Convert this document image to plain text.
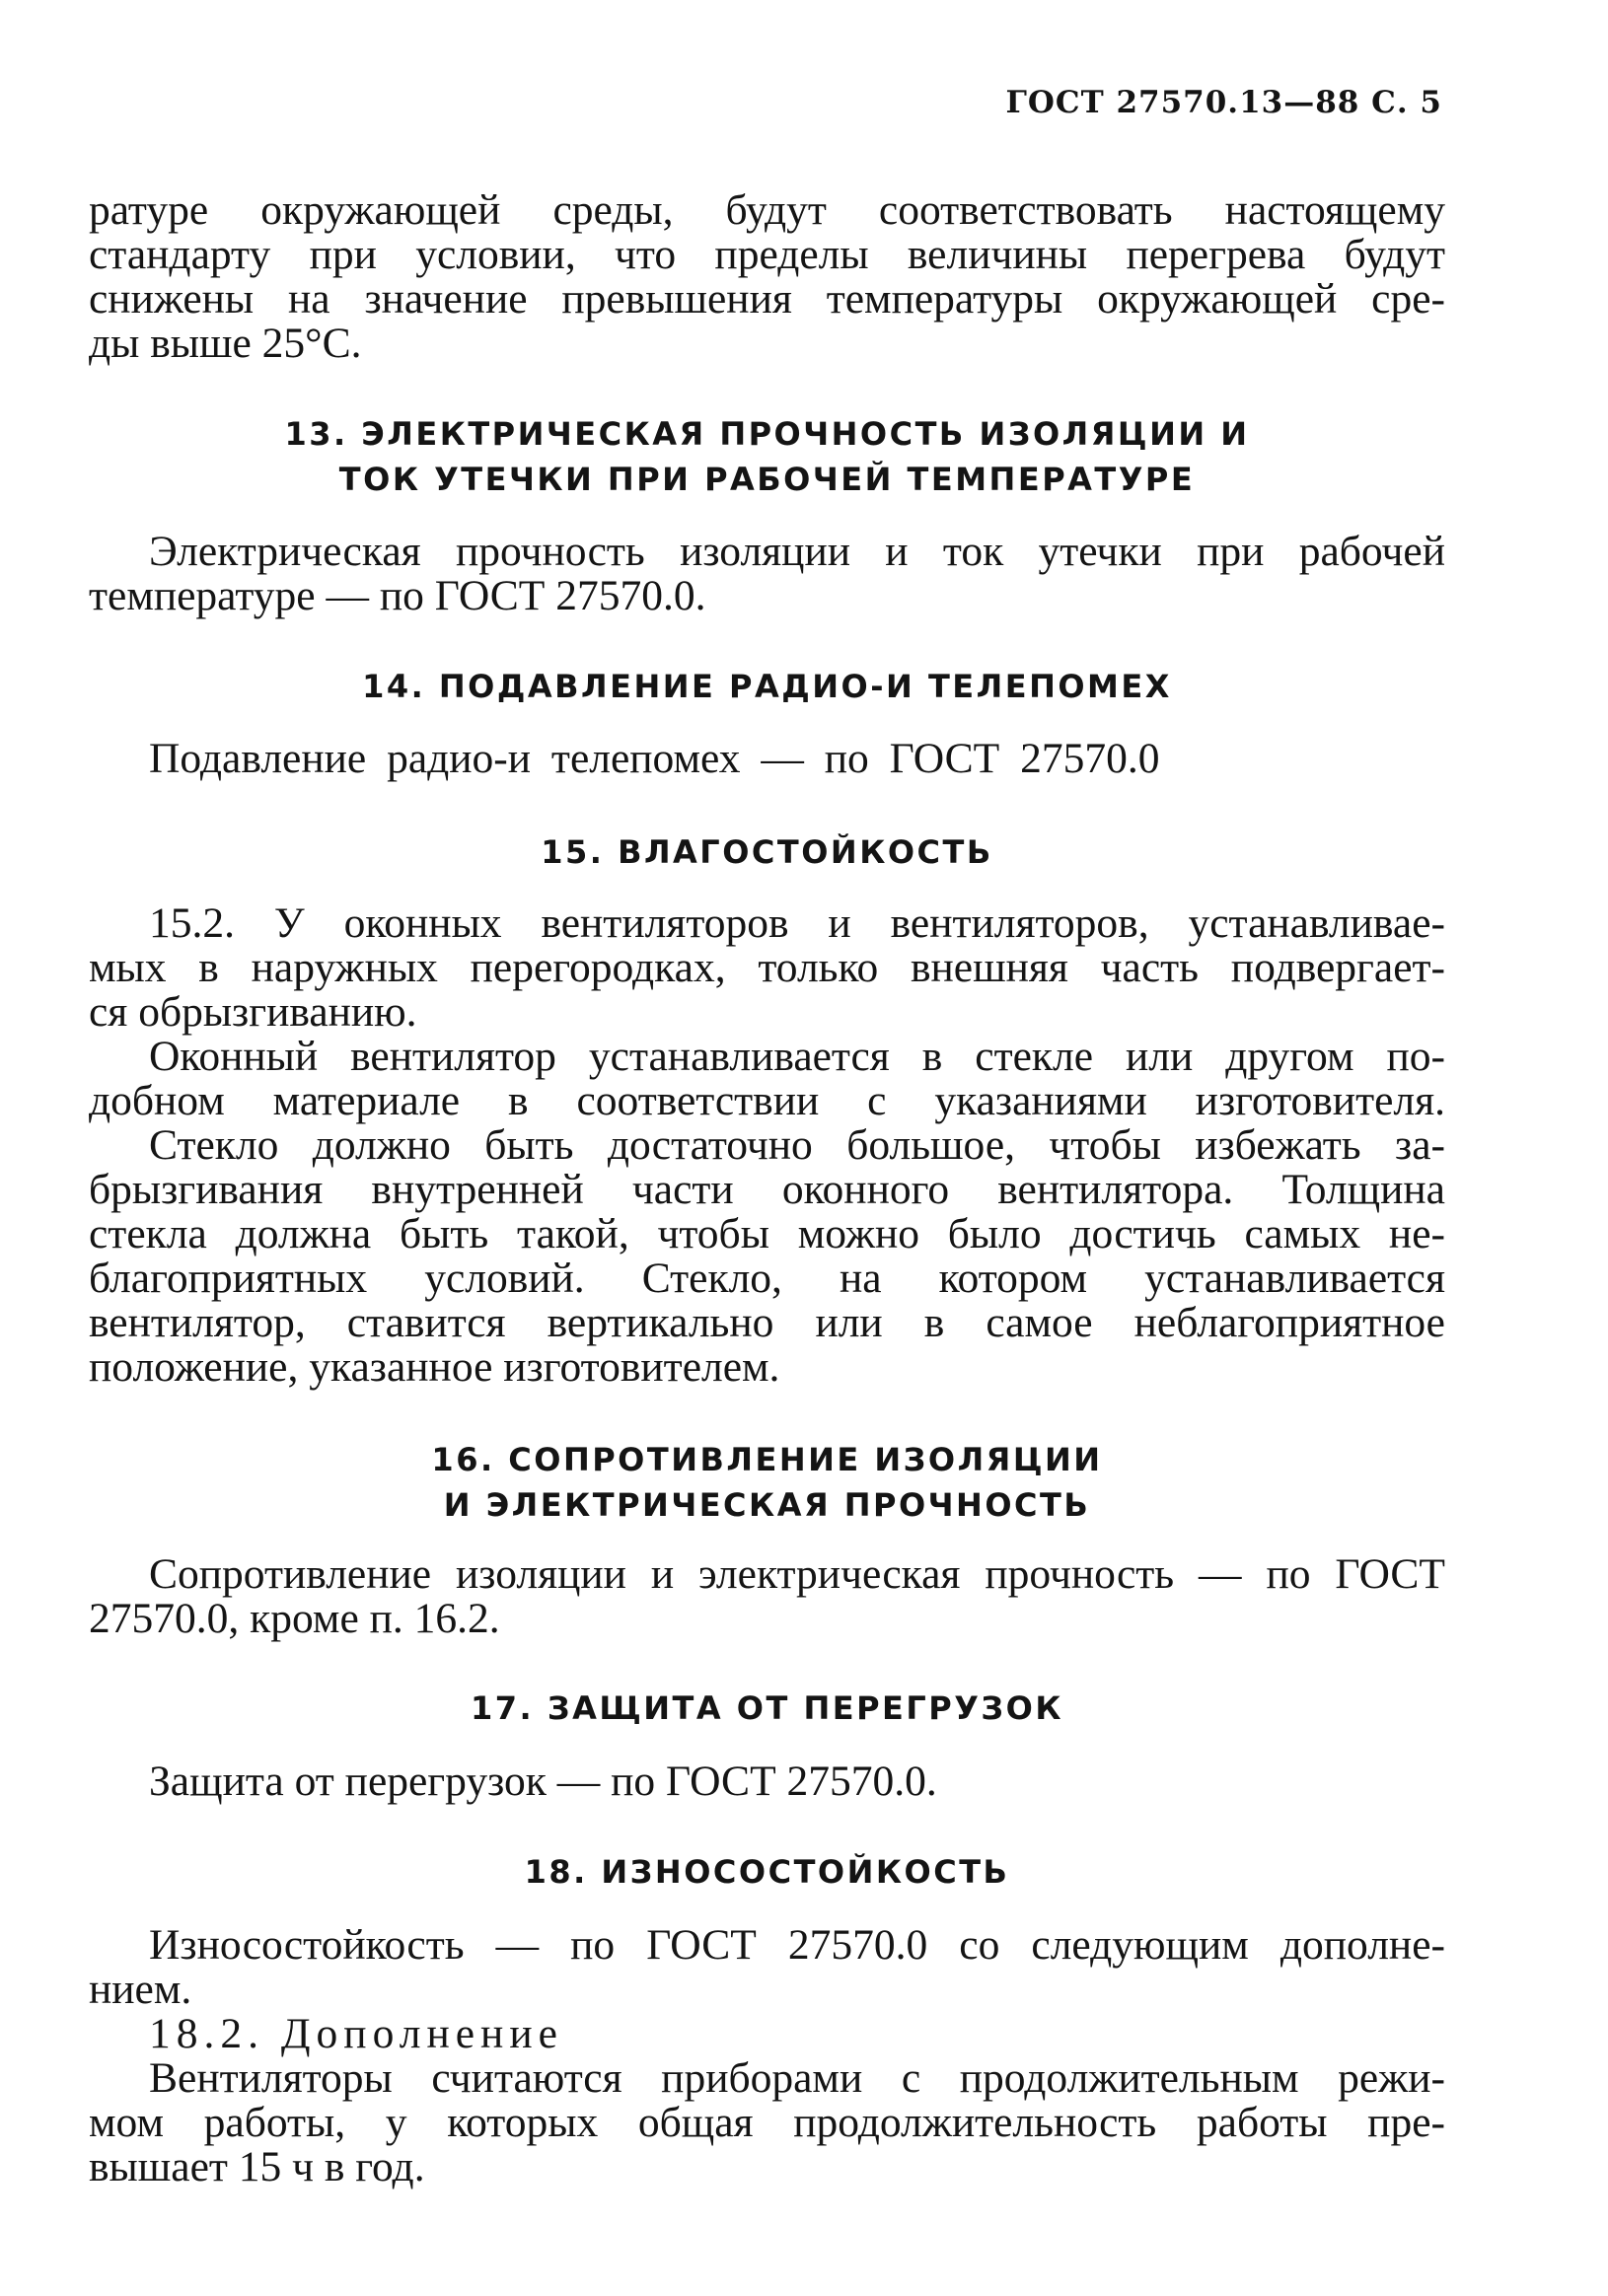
ГОСТ 27570.13—88 С. 5
ратуре окружающей среды, будут соответствовать настоящему
стандарту при условии, что пределы величины перегрева будут
снижены на значение превышения температуры окружающей сре-
ды выше 25°С.
13. ЭЛЕКТРИЧЕСКАЯ ПРОЧНОСТЬ ИЗОЛЯЦИИ И
ТОК УТЕЧКИ ПРИ РАБОЧЕЙ ТЕМПЕРАТУРЕ
Электрическая прочность изоляции и ток утечки при рабочей
температуре — по ГОСТ 27570.0.
14. ПОДАВЛЕНИЕ РАДИО-И ТЕЛЕПОМЕХ
Подавление радио-и телепомех — по ГОСТ 27570.0
15. ВЛАГОСТОЙКОСТЬ
15.2. У оконных вентиляторов и вентиляторов, устанавливае-
мых в наружных перегородках, только внешняя часть подвергает-
ся обрызгиванию.
Оконный вентилятор устанавливается в стекле или другом по-
добном материале в соответствии с указаниями изготовителя.
Стекло должно быть достаточно большое, чтобы избежать за-
брызгивания внутренней части оконного вентилятора. Толщина
стекла должна быть такой, чтобы можно было достичь самых не-
благоприятных условий. Стекло, на котором устанавливается
вентилятор, ставится вертикально или в самое неблагоприятное
положение, указанное изготовителем.
16. СОПРОТИВЛЕНИЕ ИЗОЛЯЦИИ
И ЭЛЕКТРИЧЕСКАЯ ПРОЧНОСТЬ
Сопротивление изоляции и электрическая прочность — по ГОСТ
27570.0, кроме п. 16.2.
17. ЗАЩИТА ОТ ПЕРЕГРУЗОК
Защита от перегрузок — по ГОСТ 27570.0.
18. ИЗНОСОСТОЙКОСТЬ
Износостойкость — по ГОСТ 27570.0 со следующим дополне-
нием.
18.2. Дополнение
Вентиляторы считаются приборами с продолжительным режи-
мом работы, у которых общая продолжительность работы пре-
вышает 15 ч в год.
